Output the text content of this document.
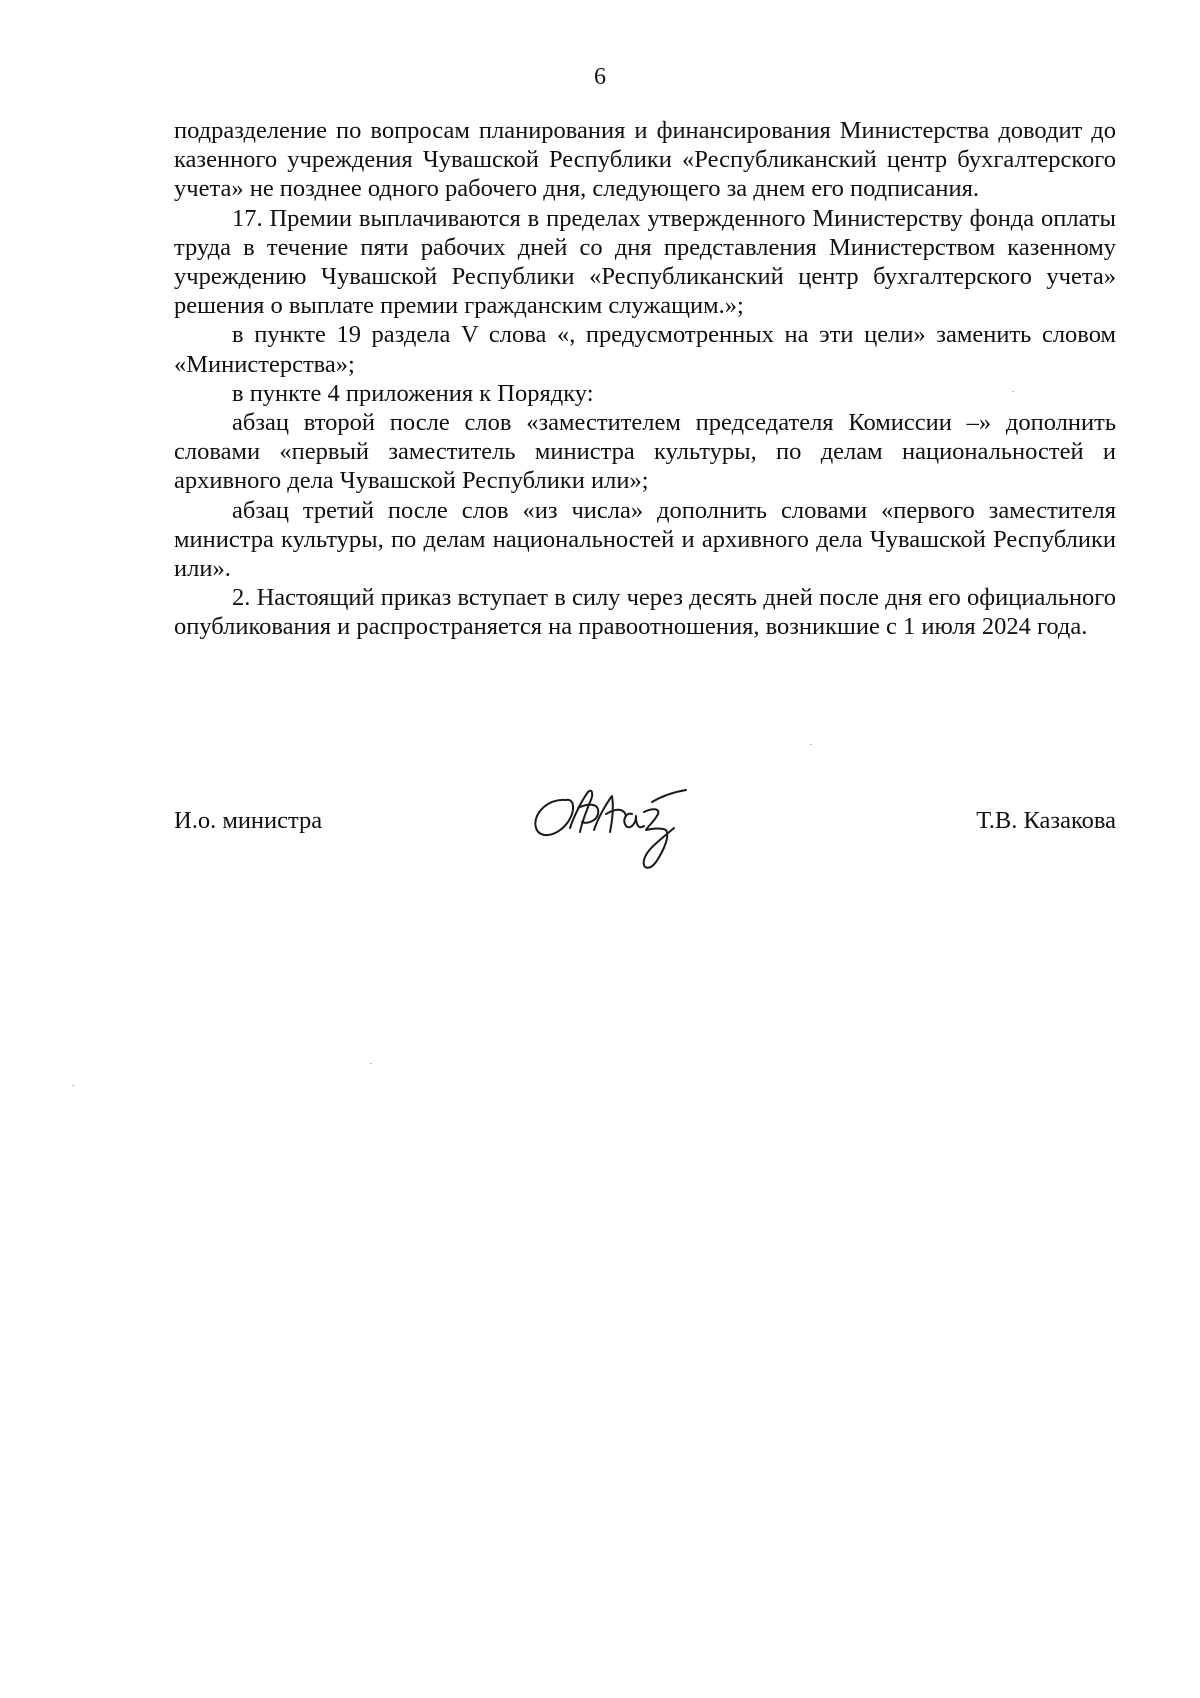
6

подразделение по вопросам планирования и финансирования Министерства доводит до казенного учреждения Чувашской Республики «Республиканский центр бухгалтерского учета» не позднее одного рабочего дня, следующего за днем его подписания.

17. Премии выплачиваются в пределах утвержденного Министерству фонда оплаты труда в течение пяти рабочих дней со дня представления Министерством казенному учреждению Чувашской Республики «Республиканский центр бухгалтерского учета» решения о выплате премии гражданским служащим.»;

в пункте 19 раздела V слова «, предусмотренных на эти цели» заменить словом «Министерства»;

в пункте 4 приложения к Порядку:

абзац второй после слов «заместителем председателя Комиссии –» дополнить словами «первый заместитель министра культуры, по делам национальностей и архивного дела Чувашской Республики или»;

абзац третий после слов «из числа» дополнить словами «первого заместителя министра культуры, по делам национальностей и архивного дела Чувашской Республики или».

2. Настоящий приказ вступает в силу через десять дней после дня его официального опубликования и распространяется на правоотношения, возникшие с 1 июля 2024 года.

И.о. министра	Т.В. Казакова
